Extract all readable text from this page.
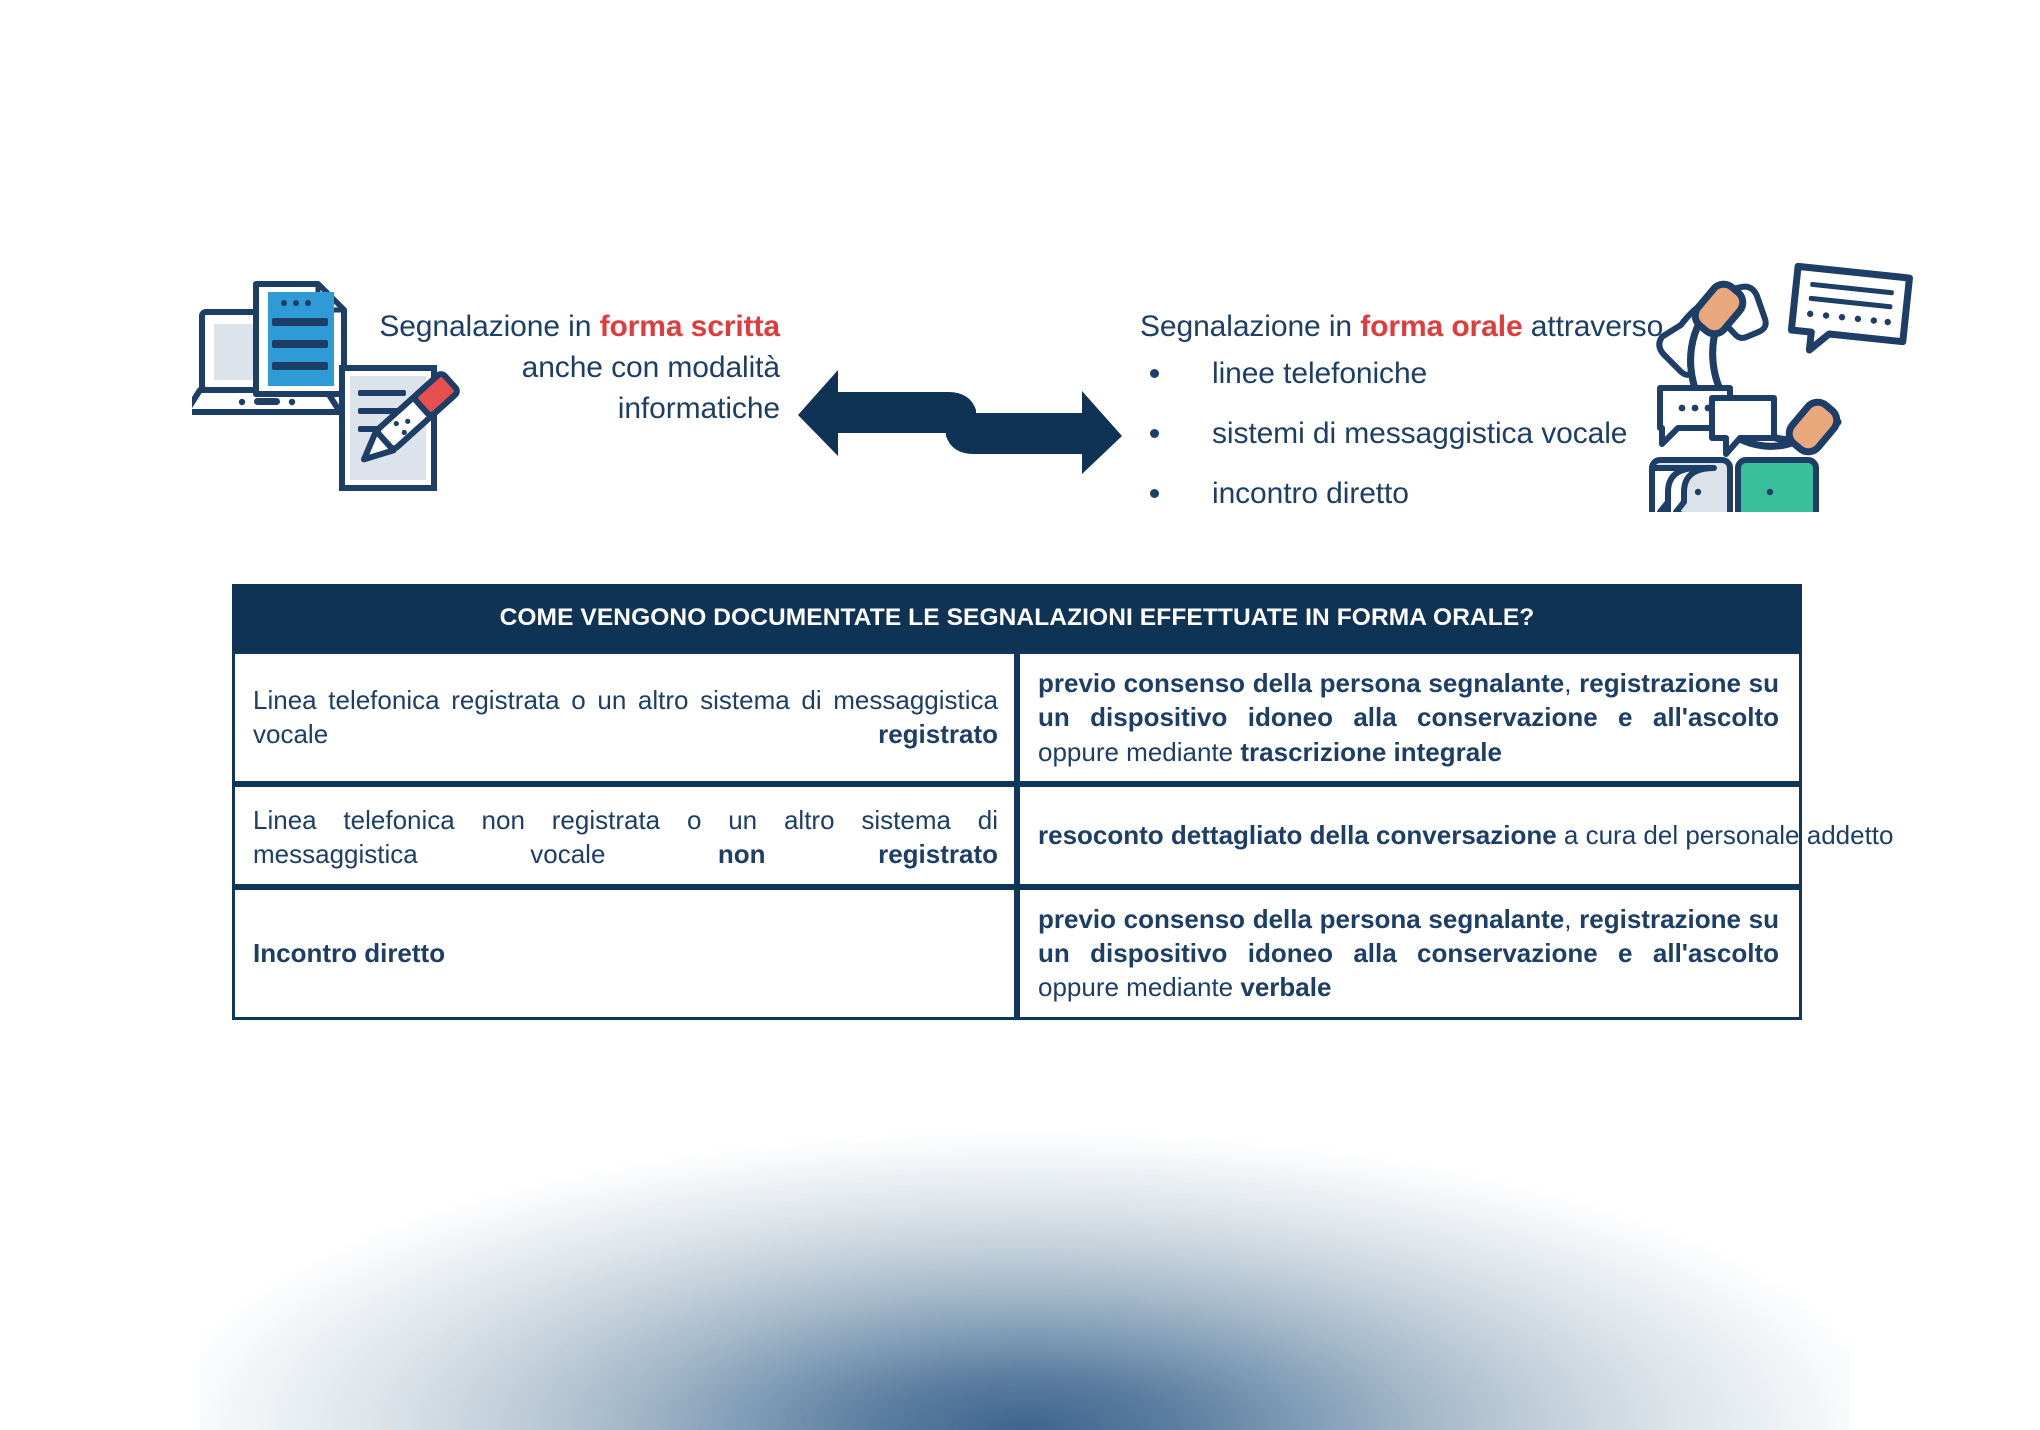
Segnalazione in forma scritta
anche con modalità
informatiche
Segnalazione in forma orale attraverso
linee telefoniche
sistemi di messaggistica vocale
incontro diretto
COME VENGONO DOCUMENTATE LE SEGNALAZIONI EFFETTUATE IN FORMA ORALE?	
Linea telefonica registrata o un altro sistema di messaggistica vocale registrato	previo consenso della persona segnalante, registrazione su un dispositivo idoneo alla conservazione e all'ascolto oppure mediante trascrizione integrale
Linea telefonica non registrata o un altro sistema di messaggistica vocale non registrato	resoconto dettagliato della conversazione a cura del personale addetto
Incontro diretto	previo consenso della persona segnalante, registrazione su un dispositivo idoneo alla conservazione e all'ascolto oppure mediante verbale
